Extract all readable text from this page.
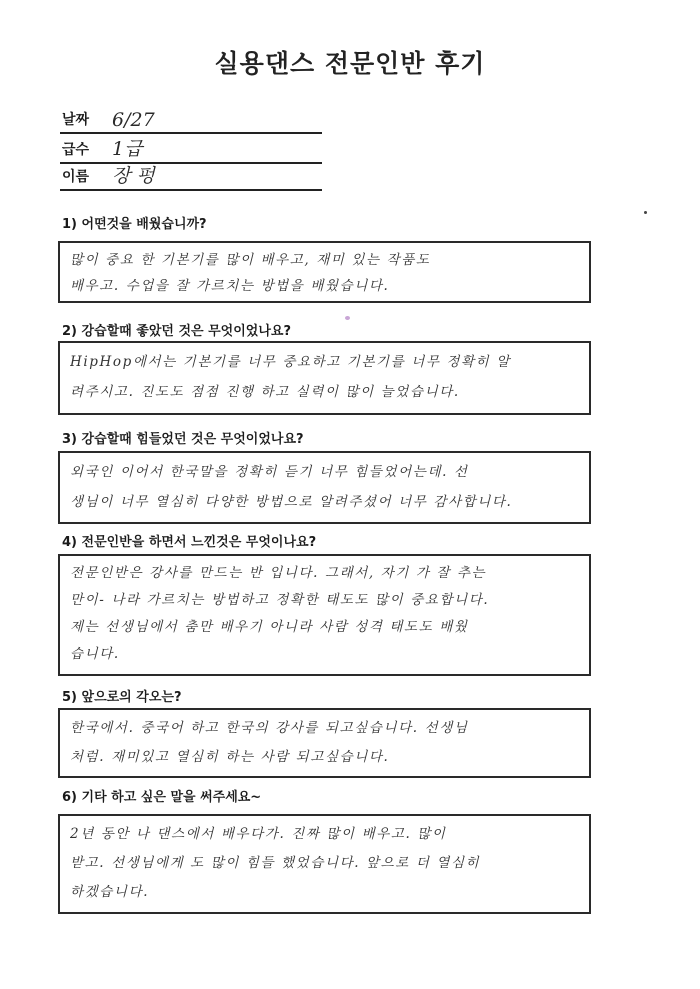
실용댄스 전문인반 후기
날짜 6/27
급수 1급
이름 장 펑
1) 어떤것을 배웠습니까?
많이 중요 한 기본기를 많이 배우고, 재미 있는 작품도
배우고. 수업을 잘 가르치는 방법을 배웠습니다.
2) 강습할때 좋았던 것은 무엇이었나요?
HipHop에서는 기본기를 너무 중요하고 기본기를 너무 정확히 알
려주시고. 진도도 점점 진행 하고 실력이 많이 늘었습니다.
3) 강습할때 힘들었던 것은 무엇이었나요?
외국인 이어서 한국말을 정확히 듣기 너무 힘들었어는데. 선
생님이 너무 열심히 다양한 방법으로 알려주셨어 너무 감사합니다.
4) 전문인반을 하면서 느낀것은 무엇이나요?
전문인반은 강사를 만드는 반 입니다. 그래서, 자기 가 잘 추는
만이- 나라 가르치는 방법하고 정확한 태도도 많이 중요합니다.
제는 선생님에서 춤만 배우기 아니라 사람 성격 태도도 배웠
습니다.
5) 앞으로의 각오는?
한국에서. 중국어 하고 한국의 강사를 되고싶습니다. 선생님
처럼. 재미있고 열심히 하는 사람 되고싶습니다.
6) 기타 하고 싶은 말을 써주세요~
2년 동안 나 댄스에서 배우다가. 진짜 많이 배우고. 많이
받고. 선생님에게 도 많이 힘들 했었습니다. 앞으로 더 열심히
하겠습니다.
